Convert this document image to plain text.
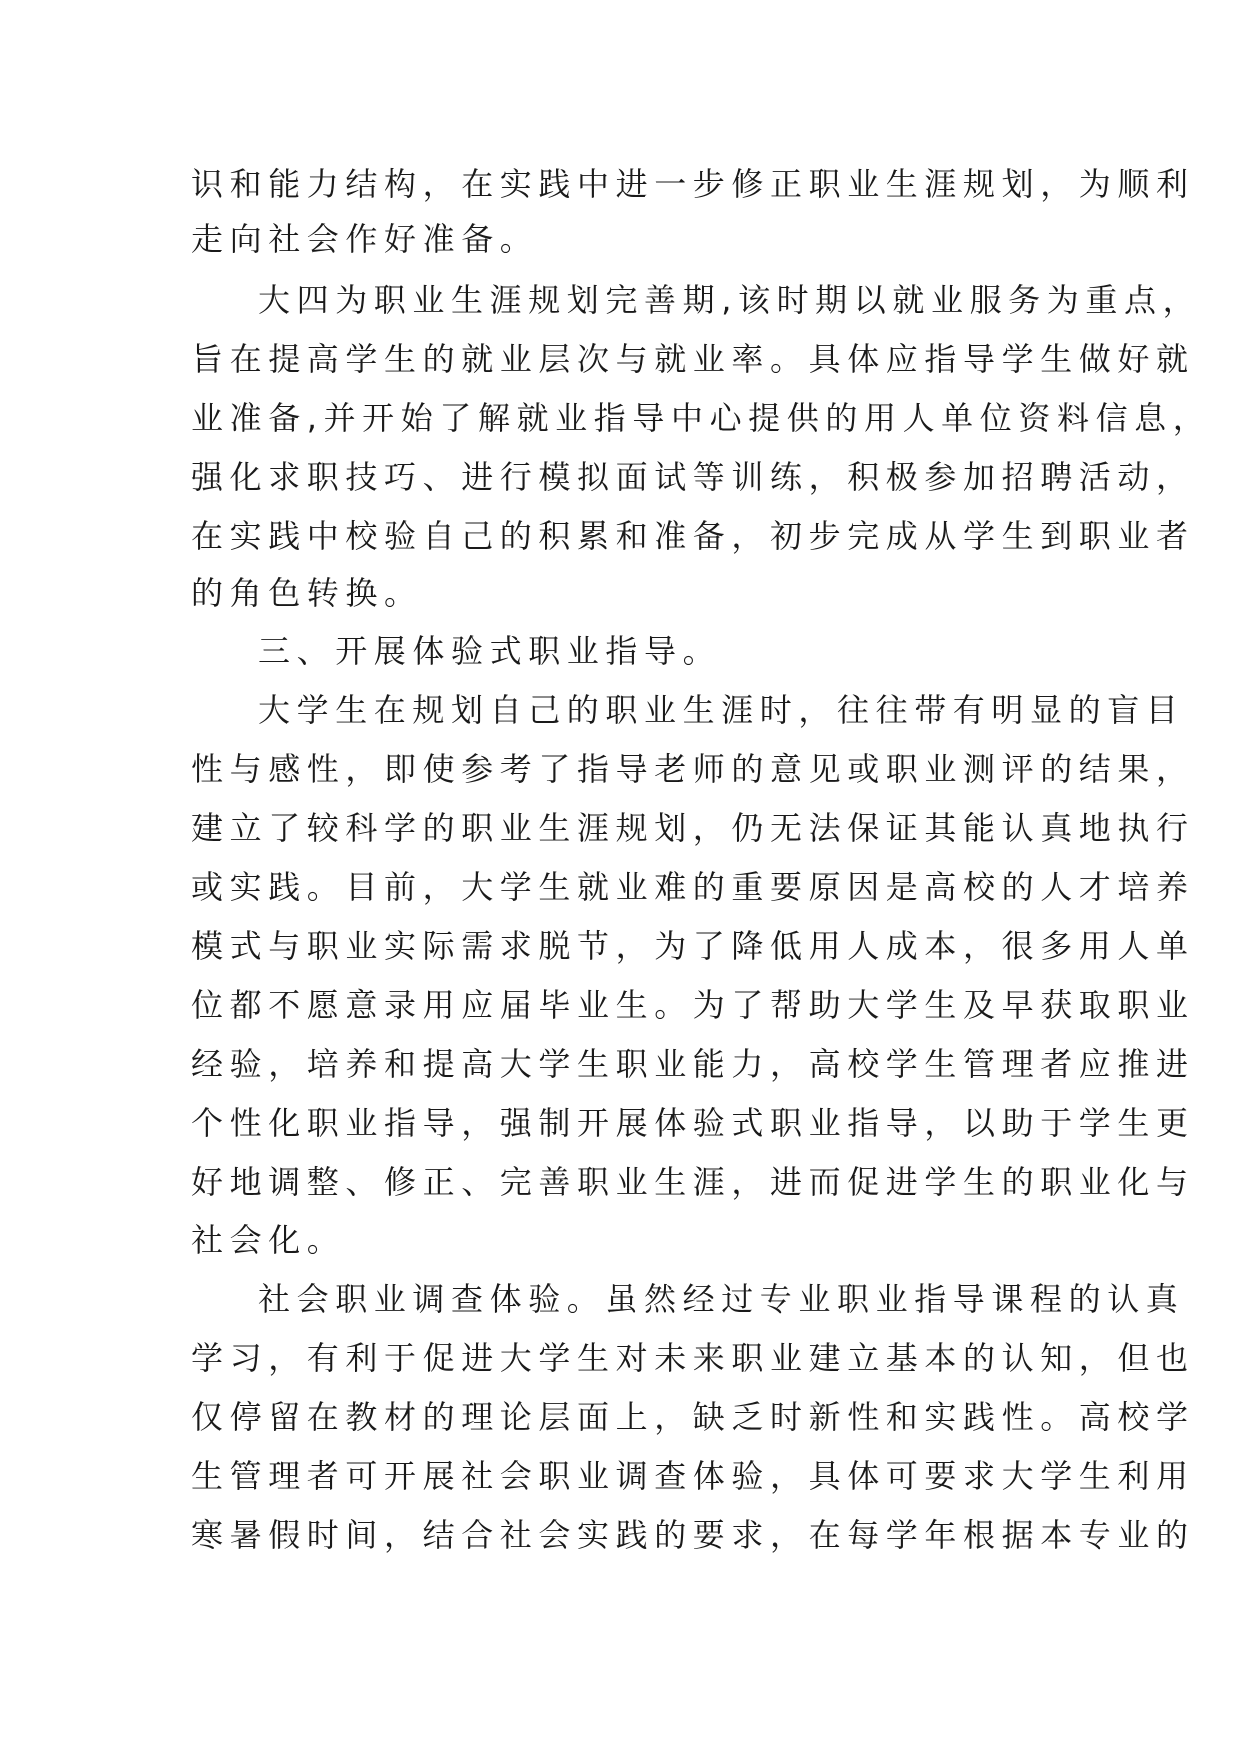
识和能力结构，在实践中进一步修正职业生涯规划，为顺利
走向社会作好准备。
大四为职业生涯规划完善期,该时期以就业服务为重点，
旨在提高学生的就业层次与就业率。具体应指导学生做好就
业准备,并开始了解就业指导中心提供的用人单位资料信息，
强化求职技巧、进行模拟面试等训练，积极参加招聘活动，
在实践中校验自己的积累和准备，初步完成从学生到职业者
的角色转换。
三、开展体验式职业指导。
大学生在规划自己的职业生涯时，往往带有明显的盲目
性与感性，即使参考了指导老师的意见或职业测评的结果，
建立了较科学的职业生涯规划，仍无法保证其能认真地执行
或实践。目前，大学生就业难的重要原因是高校的人才培养
模式与职业实际需求脱节，为了降低用人成本，很多用人单
位都不愿意录用应届毕业生。为了帮助大学生及早获取职业
经验，培养和提高大学生职业能力，高校学生管理者应推进
个性化职业指导，强制开展体验式职业指导，以助于学生更
好地调整、修正、完善职业生涯，进而促进学生的职业化与
社会化。
社会职业调查体验。虽然经过专业职业指导课程的认真
学习，有利于促进大学生对未来职业建立基本的认知，但也
仅停留在教材的理论层面上，缺乏时新性和实践性。高校学
生管理者可开展社会职业调查体验，具体可要求大学生利用
寒暑假时间，结合社会实践的要求，在每学年根据本专业的
